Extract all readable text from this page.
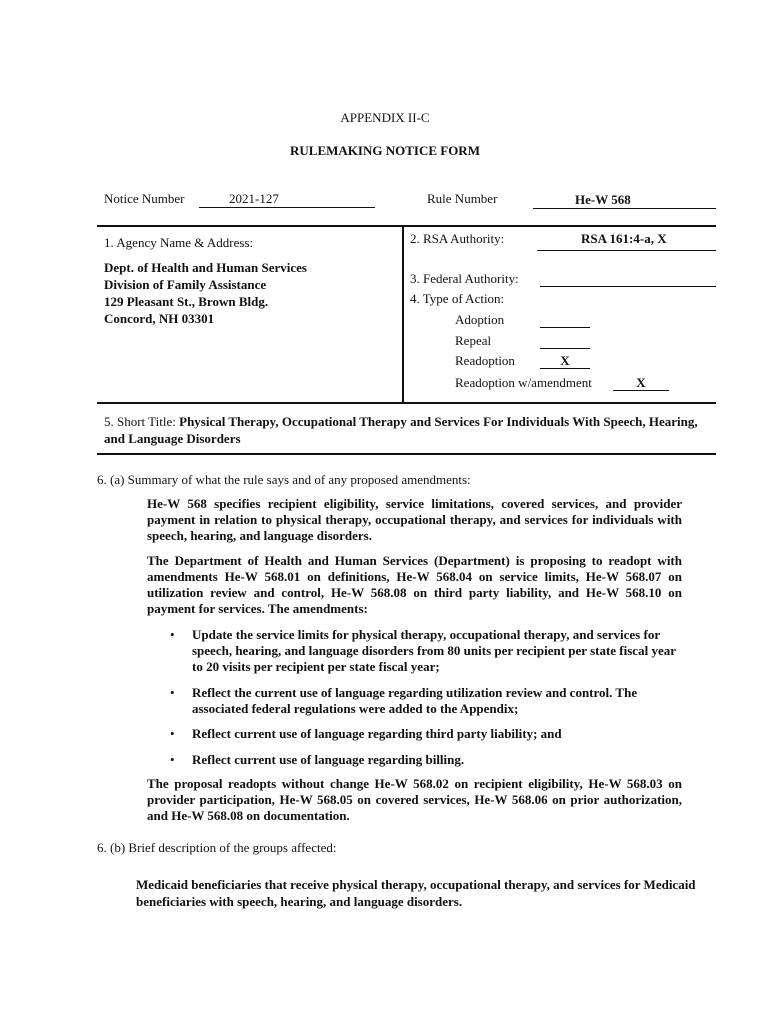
APPENDIX II-C
RULEMAKING NOTICE FORM
Notice Number	2021-127	Rule Number	He-W 568
1. Agency Name & Address:
Dept. of Health and Human Services
Division of Family Assistance
129 Pleasant St., Brown Bldg.
Concord, NH 03301
2. RSA Authority:	RSA 161:4-a, X
3. Federal Authority:
4. Type of Action:
Adoption
Repeal
Readoption	X
Readoption w/amendment	X
5. Short Title: Physical Therapy, Occupational Therapy and Services For Individuals With Speech, Hearing, and Language Disorders
6. (a) Summary of what the rule says and of any proposed amendments:
He-W 568 specifies recipient eligibility, service limitations, covered services, and provider payment in relation to physical therapy, occupational therapy, and services for individuals with speech, hearing, and language disorders.
The Department of Health and Human Services (Department) is proposing to readopt with amendments He-W 568.01 on definitions, He-W 568.04 on service limits, He-W 568.07 on utilization review and control, He-W 568.08 on third party liability, and He-W 568.10 on payment for services. The amendments:
• Update the service limits for physical therapy, occupational therapy, and services for speech, hearing, and language disorders from 80 units per recipient per state fiscal year to 20 visits per recipient per state fiscal year;
• Reflect the current use of language regarding utilization review and control. The associated federal regulations were added to the Appendix;
• Reflect current use of language regarding third party liability; and
• Reflect current use of language regarding billing.
The proposal readopts without change He-W 568.02 on recipient eligibility, He-W 568.03 on provider participation, He-W 568.05 on covered services, He-W 568.06 on prior authorization, and He-W 568.08 on documentation.
6. (b) Brief description of the groups affected:
Medicaid beneficiaries that receive physical therapy, occupational therapy, and services for Medicaid beneficiaries with speech, hearing, and language disorders.
